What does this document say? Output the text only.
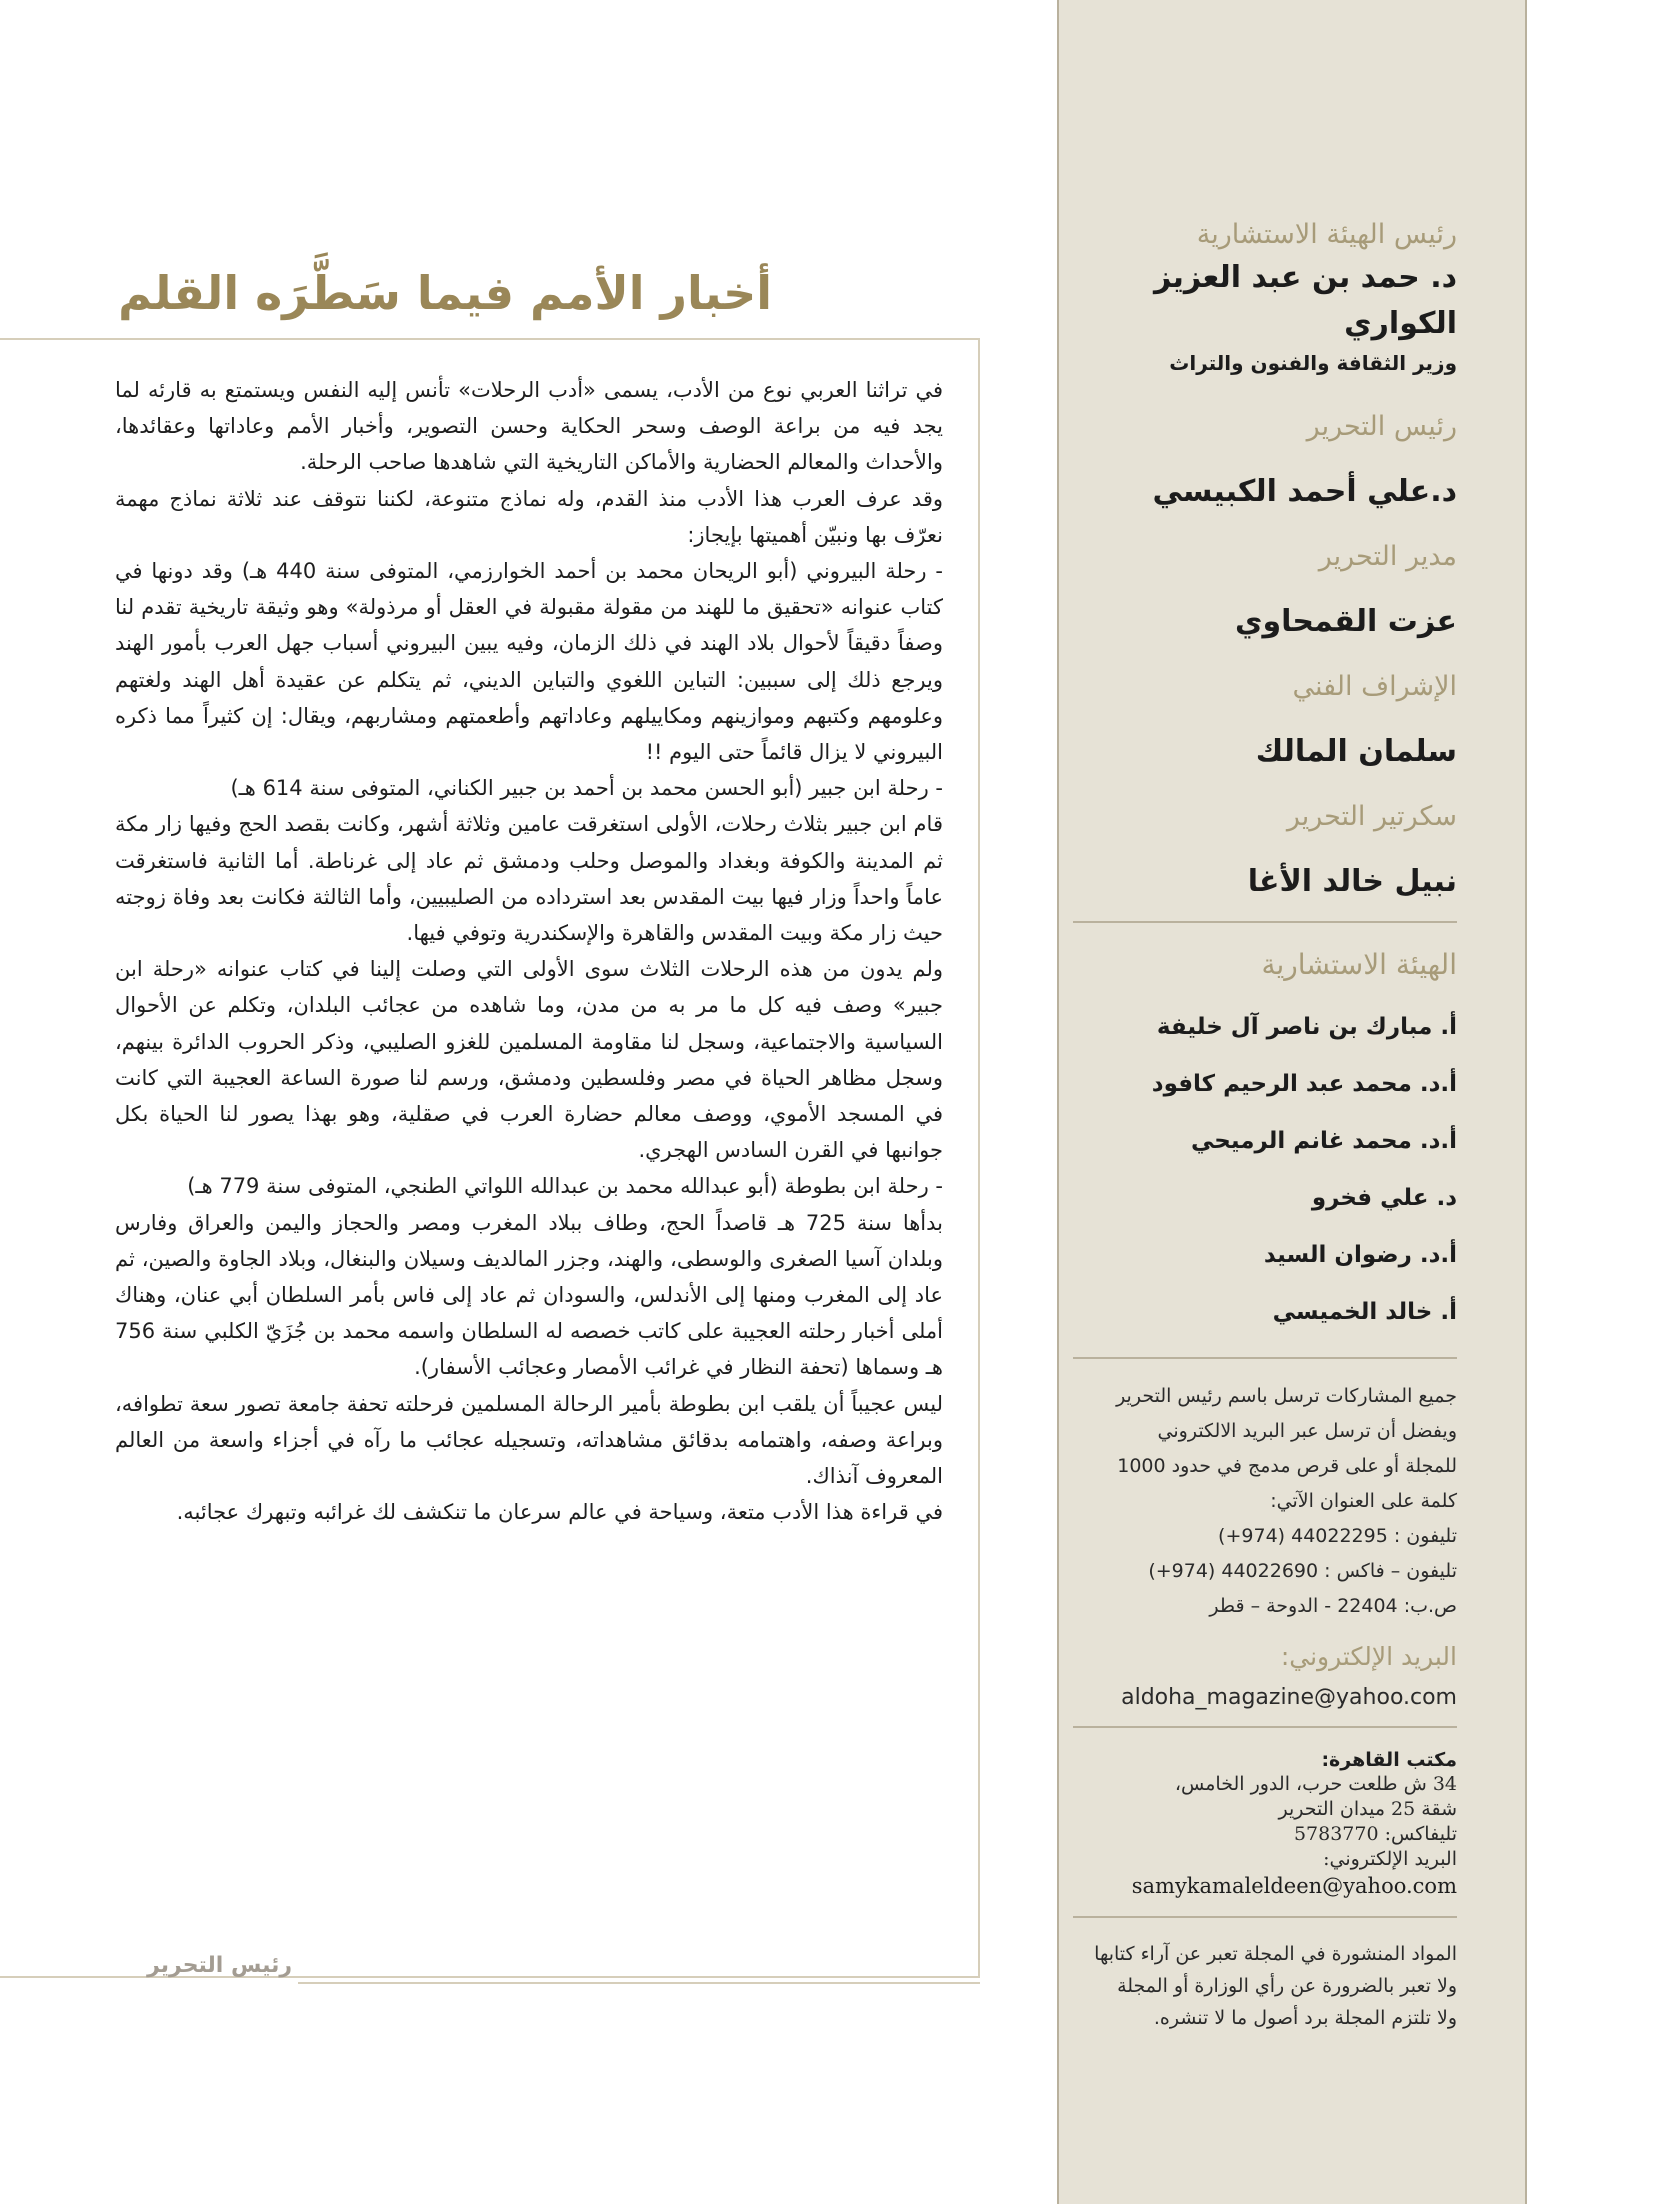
رئيس الهيئة الاستشارية

د. حمد بن عبد العزيز الكواري

وزير الثقافة والفنون والتراث

رئيس التحرير

د.علي أحمد الكبيسي

مدير التحرير

عزت القمحاوي

الإشراف الفني

سلمان المالك

سكرتير التحرير

نبيل خالد الأغا

الهيئة الاستشارية

أ. مبارك بن ناصر آل خليفة

أ.د. محمد عبد الرحيم كافود

أ.د. محمد غانم الرميحي

د. علي فخرو

أ.د. رضوان السيد

أ. خالد الخميسي

جميع المشاركات ترسل باسم رئيس التحرير

ويفضل أن ترسل عبر البريد الالكتروني

للمجلة أو على قرص مدمج في حدود 1000

كلمة على العنوان الآتي:

تليفون : 44022295 (974+)

تليفون – فاكس : 44022690 (974+)

ص.ب: 22404 - الدوحة – قطر

البريد الإلكتروني:

aldoha_magazine@yahoo.com

مكتب القاهرة:

34 ش طلعت حرب، الدور الخامس،

شقة 25 ميدان التحرير

تليفاكس: 5783770

البريد الإلكتروني:

samykamaleldeen@yahoo.com

المواد المنشورة في المجلة تعبر عن آراء كتابها

ولا تعبر بالضرورة عن رأي الوزارة أو المجلة

ولا تلتزم المجلة برد أصول ما لا تنشره.

أخبار الأمم فيما سَطَّرَه القلم

في تراثنا العربي نوع من الأدب، يسمى «أدب الرحلات» تأنس إليه النفس ويستمتع به قارئه لما يجد فيه من براعة الوصف وسحر الحكاية وحسن التصوير، وأخبار الأمم وعاداتها وعقائدها، والأحداث والمعالم الحضارية والأماكن التاريخية التي شاهدها صاحب الرحلة.

وقد عرف العرب هذا الأدب منذ القدم، وله نماذج متنوعة، لكننا نتوقف عند ثلاثة نماذج مهمة نعرّف بها ونبيّن أهميتها بإيجاز:

- رحلة البيروني (أبو الريحان محمد بن أحمد الخوارزمي، المتوفى سنة 440 هـ) وقد دونها في كتاب عنوانه «تحقيق ما للهند من مقولة مقبولة في العقل أو مرذولة» وهو وثيقة تاريخية تقدم لنا وصفاً دقيقاً لأحوال بلاد الهند في ذلك الزمان، وفيه يبين البيروني أسباب جهل العرب بأمور الهند ويرجع ذلك إلى سببين: التباين اللغوي والتباين الديني، ثم يتكلم عن عقيدة أهل الهند ولغتهم وعلومهم وكتبهم وموازينهم ومكاييلهم وعاداتهم وأطعمتهم ومشاربهم، ويقال: إن كثيراً مما ذكره البيروني لا يزال قائماً حتى اليوم !!

- رحلة ابن جبير (أبو الحسن محمد بن أحمد بن جبير الكناني، المتوفى سنة 614 هـ)

قام ابن جبير بثلاث رحلات، الأولى استغرقت عامين وثلاثة أشهر، وكانت بقصد الحج وفيها زار مكة ثم المدينة والكوفة وبغداد والموصل وحلب ودمشق ثم عاد إلى غرناطة. أما الثانية فاستغرقت عاماً واحداً وزار فيها بيت المقدس بعد استرداده من الصليبيين، وأما الثالثة فكانت بعد وفاة زوجته حيث زار مكة وبيت المقدس والقاهرة والإسكندرية وتوفي فيها.

ولم يدون من هذه الرحلات الثلاث سوى الأولى التي وصلت إلينا في كتاب عنوانه «رحلة ابن جبير» وصف فيه كل ما مر به من مدن، وما شاهده من عجائب البلدان، وتكلم عن الأحوال السياسية والاجتماعية، وسجل لنا مقاومة المسلمين للغزو الصليبي، وذكر الحروب الدائرة بينهم، وسجل مظاهر الحياة في مصر وفلسطين ودمشق، ورسم لنا صورة الساعة العجيبة التي كانت في المسجد الأموي، ووصف معالم حضارة العرب في صقلية، وهو بهذا يصور لنا الحياة بكل جوانبها في القرن السادس الهجري.

- رحلة ابن بطوطة (أبو عبدالله محمد بن عبدالله اللواتي الطنجي، المتوفى سنة 779 هـ)

بدأها سنة 725 هـ قاصداً الحج، وطاف ببلاد المغرب ومصر والحجاز واليمن والعراق وفارس وبلدان آسيا الصغرى والوسطى، والهند، وجزر المالديف وسيلان والبنغال، وبلاد الجاوة والصين، ثم عاد إلى المغرب ومنها إلى الأندلس، والسودان ثم عاد إلى فاس بأمر السلطان أبي عنان، وهناك أملى أخبار رحلته العجيبة على كاتب خصصه له السلطان واسمه محمد بن جُزَيّ الكلبي سنة 756 هـ وسماها (تحفة النظار في غرائب الأمصار وعجائب الأسفار).

ليس عجيباً أن يلقب ابن بطوطة بأمير الرحالة المسلمين فرحلته تحفة جامعة تصور سعة تطوافه، وبراعة وصفه، واهتمامه بدقائق مشاهداته، وتسجيله عجائب ما رآه في أجزاء واسعة من العالم المعروف آنذاك.

في قراءة هذا الأدب متعة، وسياحة في عالم سرعان ما تنكشف لك غرائبه وتبهرك عجائبه.

رئيس التحرير
